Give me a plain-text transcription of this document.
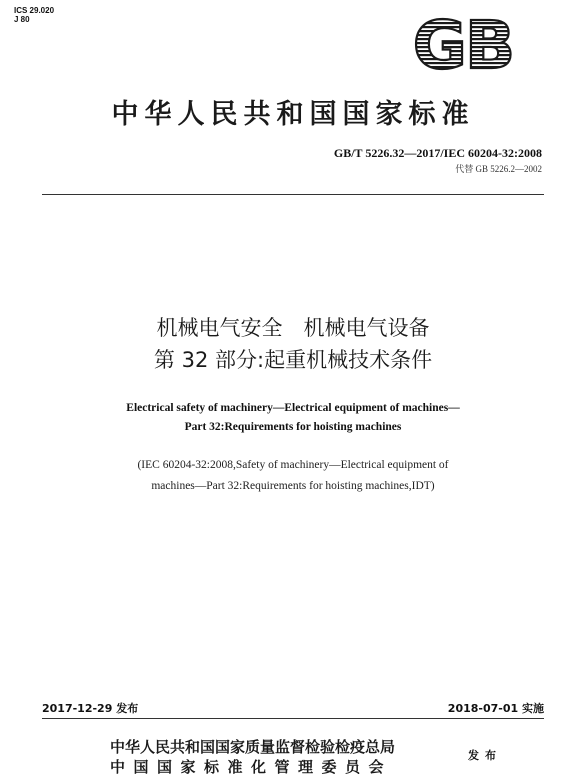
ICS 29.020
J 80	GB
中华人民共和国国家标准
GB/T 5226.32—2017/IEC 60204-32:2008
代替 GB 5226.2—2002
机械电气安全　机械电气设备
第 32 部分:起重机械技术条件
Electrical safety of machinery—Electrical equipment of machines—
Part 32:Requirements for hoisting machines
(IEC 60204-32:2008,Safety of machinery—Electrical equipment of
machines—Part 32:Requirements for hoisting machines,IDT)
2017-12-29 发布	2018-07-01 实施
中华人民共和国国家质量监督检验检疫总局
中国国家标准化管理委员会
发布
